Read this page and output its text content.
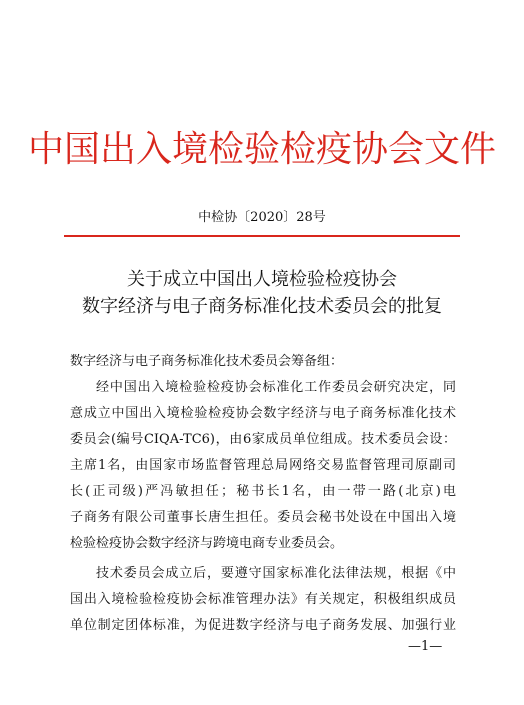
中国出入境检验检疫协会文件
中检协〔2020〕28号
关于成立中国出人境检验检疫协会
数字经济与电子商务标准化技术委员会的批复
数字经济与电子商务标准化技术委员会筹备组：
经中国出入境检验检疫协会标准化工作委员会研究决定，同
意成立中国出入境检验检疫协会数字经济与电子商务标准化技术
委员会(编号CIQA-TC6)，由6家成员单位组成。技术委员会设：
主席1名，由国家市场监督管理总局网络交易监督管理司原副司
长(正司级)严冯敏担任；秘书长1名，由一带一路(北京)电
子商务有限公司董事长唐生担任。委员会秘书处设在中国出入境
检验检疫协会数字经济与跨境电商专业委员会。
技术委员会成立后，要遵守国家标准化法律法规，根据《中
国出入境检验检疫协会标准管理办法》有关规定，积极组织成员
单位制定团体标准，为促进数字经济与电子商务发展、加强行业
—1—
